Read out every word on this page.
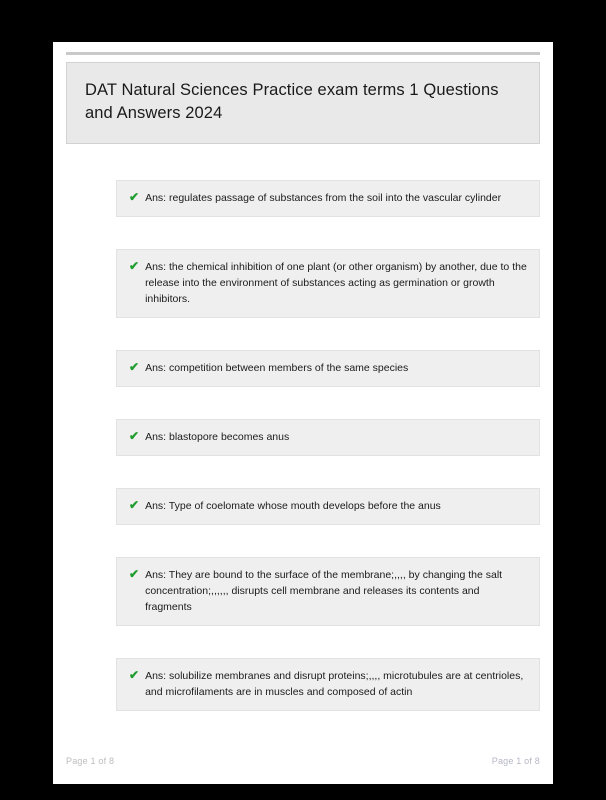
DAT Natural Sciences Practice exam terms 1 Questions and Answers 2024
✔ Ans: regulates passage of substances from the soil into the vascular cylinder
✔ Ans: the chemical inhibition of one plant (or other organism) by another, due to the release into the environment of substances acting as germination or growth inhibitors.
✔ Ans: competition between members of the same species
✔ Ans: blastopore becomes anus
✔ Ans: Type of coelomate whose mouth develops before the anus
✔ Ans: They are bound to the surface of the membrane;,,,, by changing the salt concentration;,,,,,, disrupts cell membrane and releases its contents and fragments
✔ Ans: solubilize membranes and disrupt proteins;,,,, microtubules are at centrioles, and microfilaments are in muscles and composed of actin
Page 1 of 8	Page 1 of 8
